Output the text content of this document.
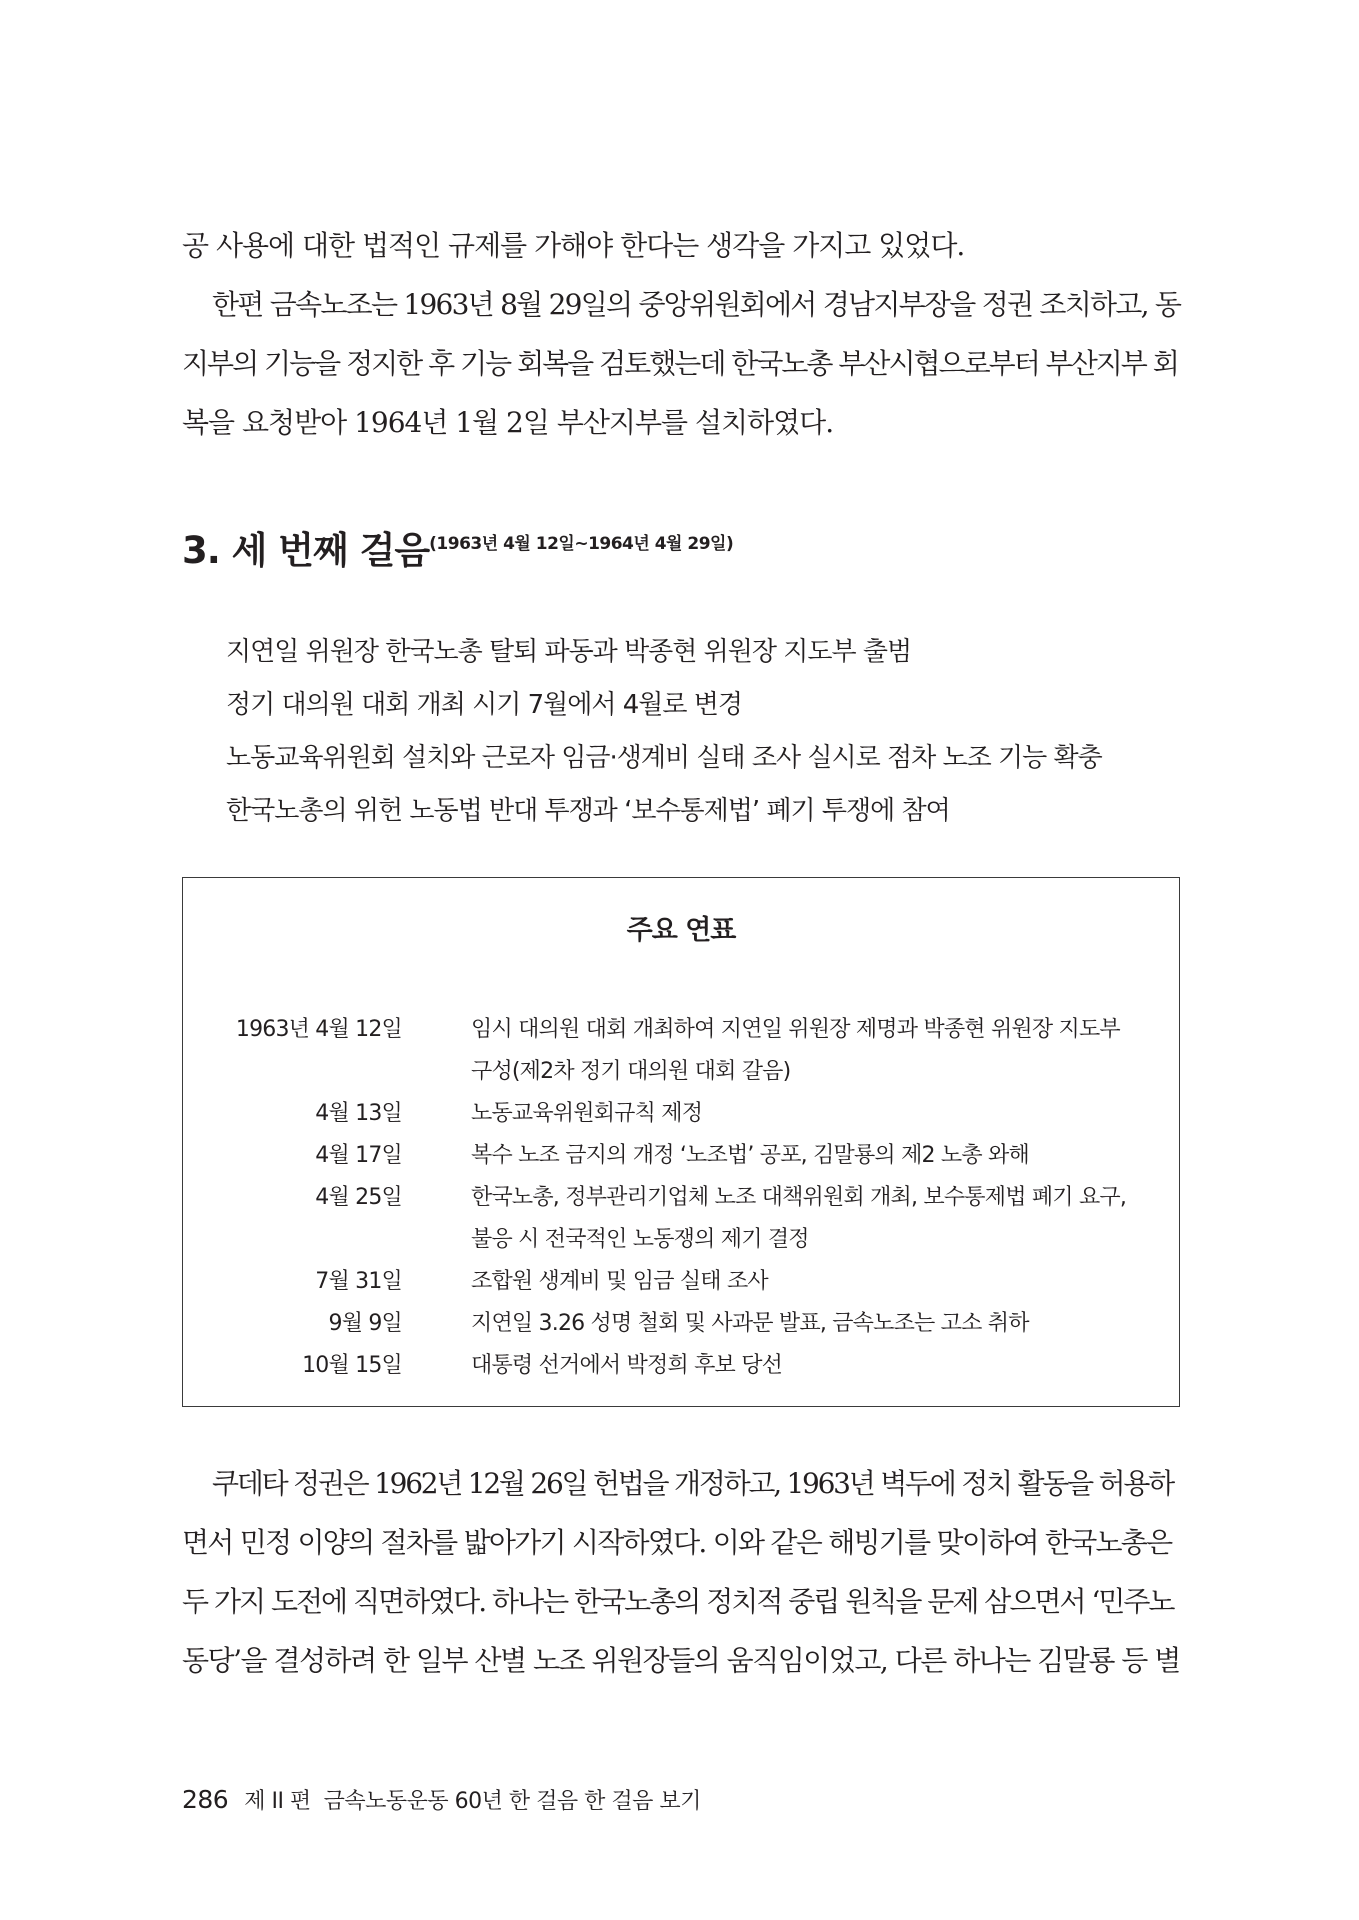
공 사용에 대한 법적인 규제를 가해야 한다는 생각을 가지고 있었다.
한편 금속노조는 1963년 8월 29일의 중앙위원회에서 경남지부장을 정권 조치하고, 동
지부의 기능을 정지한 후 기능 회복을 검토했는데 한국노총 부산시협으로부터 부산지부 회
복을 요청받아 1964년 1월 2일 부산지부를 설치하였다.
3. 세 번째 걸음(1963년 4월 12일~1964년 4월 29일)
지연일 위원장 한국노총 탈퇴 파동과 박종현 위원장 지도부 출범
정기 대의원 대회 개최 시기 7월에서 4월로 변경
노동교육위원회 설치와 근로자 임금·생계비 실태 조사 실시로 점차 노조 기능 확충
한국노총의 위헌 노동법 반대 투쟁과 ‘보수통제법’ 폐기 투쟁에 참여
주요 연표
1963년 4월 12일	임시 대의원 대회 개최하여 지연일 위원장 제명과 박종현 위원장 지도부
구성(제2차 정기 대의원 대회 갈음)
4월 13일	노동교육위원회규칙 제정
4월 17일	복수 노조 금지의 개정 ‘노조법’ 공포, 김말룡의 제2 노총 와해
4월 25일	한국노총, 정부관리기업체 노조 대책위원회 개최, 보수통제법 폐기 요구,
불응 시 전국적인 노동쟁의 제기 결정
7월 31일	조합원 생계비 및 임금 실태 조사
9월 9일	지연일 3.26 성명 철회 및 사과문 발표, 금속노조는 고소 취하
10월 15일	대통령 선거에서 박정희 후보 당선
쿠데타 정권은 1962년 12월 26일 헌법을 개정하고, 1963년 벽두에 정치 활동을 허용하
면서 민정 이양의 절차를 밟아가기 시작하였다. 이와 같은 해빙기를 맞이하여 한국노총은
두 가지 도전에 직면하였다. 하나는 한국노총의 정치적 중립 원칙을 문제 삼으면서 ‘민주노
동당’을 결성하려 한 일부 산별 노조 위원장들의 움직임이었고, 다른 하나는 김말룡 등 별
286 제 II 편  금속노동운동 60년 한 걸음 한 걸음 보기
